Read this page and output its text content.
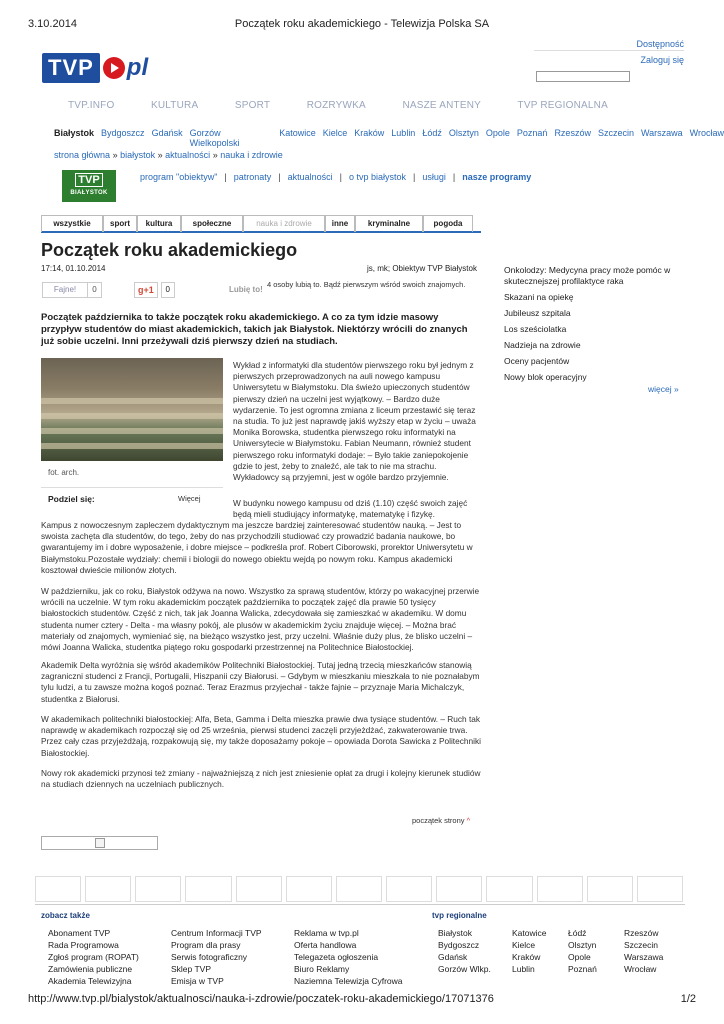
3.10.2014	Początek roku akademickiego - Telewizja Polska SA
TVP pl
Dostępność
Zaloguj się
TVP.INFO	KULTURA	SPORT	ROZRYWKA	NASZE ANTENY	TVP REGIONALNA
Białystok Bydgoszcz Gdańsk Gorzów Wielkopolski
Katowice Kielce Kraków Lublin Łódź Olsztyn Opole Poznań Rzeszów Szczecin Warszawa Wrocław
strona główna » białystok » aktualności » nauka i zdrowie
TVP
BIAŁYSTOK
program "obiektyw" | patronaty | aktualności | o tvp białystok | usługi | nasze programy
wszystkie	sport	kultura	społeczne	nauka i zdrowie	inne	kryminalne	pogoda
Początek roku akademickiego
17:14, 01.10.2014	js, mk; Obiektyw TVP Białystok
Fajne!	0	g+1	0	Lubię to!
4 osoby lubią to. Bądź pierwszym wśród swoich znajomych.
Początek października to także początek roku akademickiego. A co za tym idzie masowy przypływ studentów do miast akademickich, takich jak Białystok. Niektórzy wrócili do znanych już sobie uczelni. Inni przeżywali dziś pierwszy dzień na studiach.
fot. arch.
Podziel się:	Więcej
Wykład z informatyki dla studentów pierwszego roku był jednym z pierwszych przeprowadzonych na auli nowego kampusu Uniwersytetu w Białymstoku. Dla świeżo upieczonych studentów pierwszy dzień na uczelni jest wyjątkowy. – Bardzo duże wydarzenie. To jest ogromna zmiana z liceum przestawić się teraz na studia. To już jest naprawdę jakiś wyższy etap w życiu – uważa Monika Borowska, studentka pierwszego roku informatyki na Uniwersytecie w Białymstoku. Fabian Neumann, również student pierwszego roku informatyki dodaje: – Było takie zaniepokojenie gdzie to jest, żeby to znaleźć, ale tak to nie ma strachu. Wykładowcy są przyjemni, jest w ogóle bardzo przyjemnie.
W budynku nowego kampusu od dziś (1.10) część swoich zajęć będą mieli studiujący informatykę, matematykę i fizykę.
Kampus z nowoczesnym zapleczem dydaktycznym ma jeszcze bardziej zainteresować studentów nauką. – Jest to swoista zachęta dla studentów, do tego, żeby do nas przychodzili studiować czy prowadzić badania naukowe, bo gwarantujemy im i dobre wyposażenie, i dobre miejsce – podkreśla prof. Robert Ciborowski, prorektor Uniwersytetu w Białymstoku.Pozostałe wydziały: chemii i biologii do nowego obiektu wejdą po nowym roku. Kampus akademicki kosztował dwieście milionów złotych.
W październiku, jak co roku, Białystok odżywa na nowo. Wszystko za sprawą studentów, którzy po wakacyjnej przerwie wrócili na uczelnie. W tym roku akademickim początek października to początek zajęć dla prawie 50 tysięcy białostockich studentów. Część z nich, tak jak Joanna Walicka, zdecydowała się zamieszkać w akademiku. W domu studenta numer cztery - Delta - ma własny pokój, ale plusów w akademickim życiu znajduje więcej. – Można brać materiały od znajomych, wymieniać się, na bieżąco wszystko jest, przy uczelni. Właśnie duży plus, że blisko uczelni – mówi Joanna Walicka, studentka piątego roku gospodarki przestrzennej na Politechnice Białostockiej.
Akademik Delta wyróżnia się wśród akademików Politechniki Białostockiej. Tutaj jedną trzecią mieszkańców stanowią zagraniczni studenci z Francji, Portugalii, Hiszpanii czy Białorusi. – Gdybym w mieszkaniu mieszkała to nie poznałabym tylu ludzi, a tu zawsze można kogoś poznać. Teraz Erazmus przyjechał - także fajnie – przyznaje Maria Michalczyk, studentka z Białorusi.
W akademikach politechniki białostockiej: Alfa, Beta, Gamma i Delta mieszka prawie dwa tysiące studentów. – Ruch tak naprawdę w akademikach rozpoczął się od 25 września, pierwsi studenci zaczęli przyjeżdżać, zakwaterowanie trwa. Przez cały czas przyjeżdżają, rozpakowują się, my także doposażamy pokoje – opowiada Dorota Sawicka z Politechniki Białostockiej.
Nowy rok akademicki przynosi też zmiany - najważniejszą z nich jest zniesienie opłat za drugi i kolejny kierunek studiów na studiach dziennych na uczelniach publicznych.
początek strony ^
Onkolodzy: Medycyna pracy może pomóc w skutecznejszej profilaktyce raka
Skazani na opiekę
Jubileusz szpitala
Los sześciolatka
Nadzieja na zdrowie
Oceny pacjentów
Nowy blok operacyjny
więcej »
zobacz także	tvp regionalne
Abonament TVP
Rada Programowa
Zgłoś program (ROPAT)
Zamówienia publiczne
Akademia Telewizyjna
Centrum Informacji TVP
Program dla prasy
Serwis fotograficzny
Sklep TVP
Emisja w TVP
Reklama w tvp.pl
Oferta handlowa
Telegazeta ogłoszenia
Biuro Reklamy
Naziemna Telewizja Cyfrowa
Białystok
Bydgoszcz
Gdańsk
Gorzów Wlkp.
Katowice
Kielce
Kraków
Lublin
Łódź
Olsztyn
Opole
Poznań
Rzeszów
Szczecin
Warszawa
Wrocław
http://www.tvp.pl/bialystok/aktualnosci/nauka-i-zdrowie/poczatek-roku-akademickiego/17071376	1/2
